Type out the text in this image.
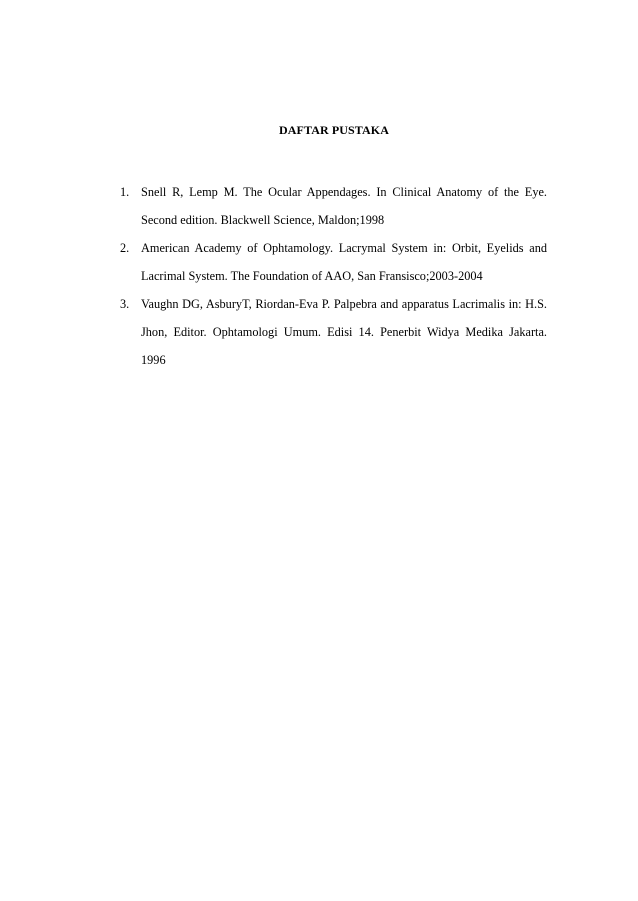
DAFTAR PUSTAKA
1. Snell R, Lemp M. The Ocular Appendages. In Clinical Anatomy of the Eye. Second edition. Blackwell Science, Maldon;1998
2. American Academy of Ophtamology. Lacrymal System in: Orbit, Eyelids and Lacrimal System. The Foundation of AAO, San Fransisco;2003-2004
3. Vaughn DG, AsburyT, Riordan-Eva P. Palpebra and apparatus Lacrimalis in: H.S. Jhon, Editor. Ophtamologi Umum. Edisi 14. Penerbit Widya Medika Jakarta. 1996
